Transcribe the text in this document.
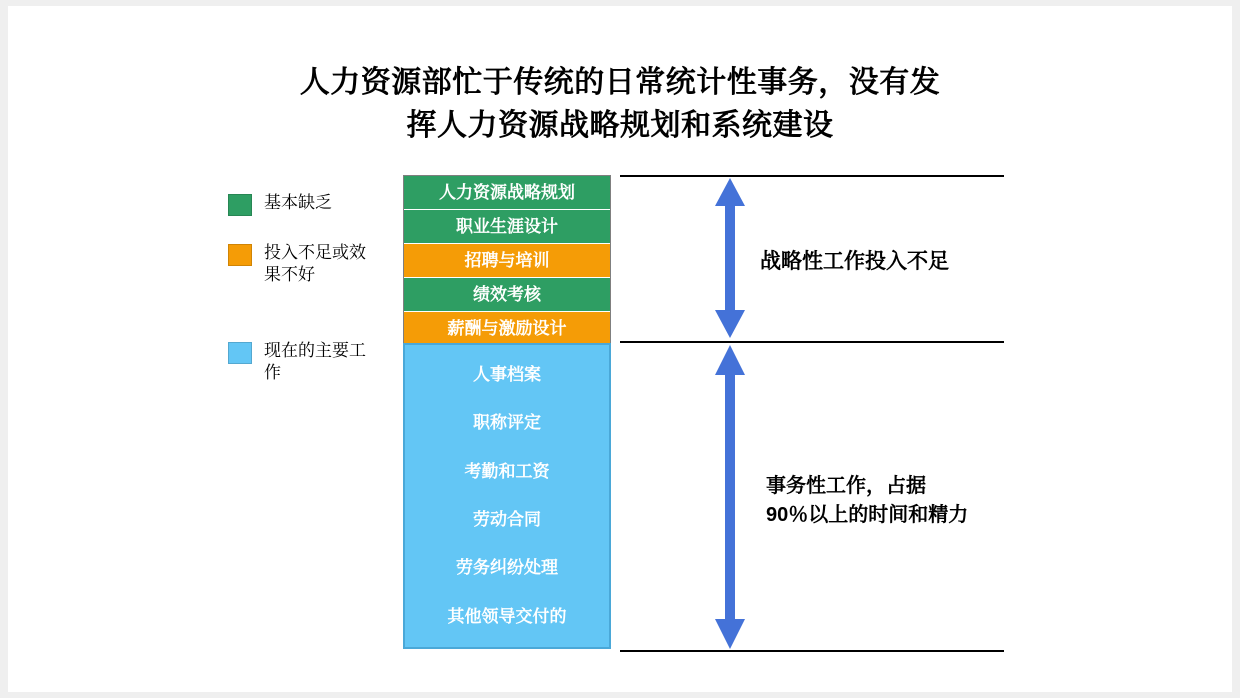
人力资源部忙于传统的日常统计性事务，没有发
挥人力资源战略规划和系统建设
基本缺乏
投入不足或效果不好
现在的主要工作
人力资源战略规划
职业生涯设计
招聘与培训
绩效考核
薪酬与激励设计
人事档案
职称评定
考勤和工资
劳动合同
劳务纠纷处理
其他领导交付的
战略性工作投入不足
事务性工作，占据
90％以上的时间和精力
